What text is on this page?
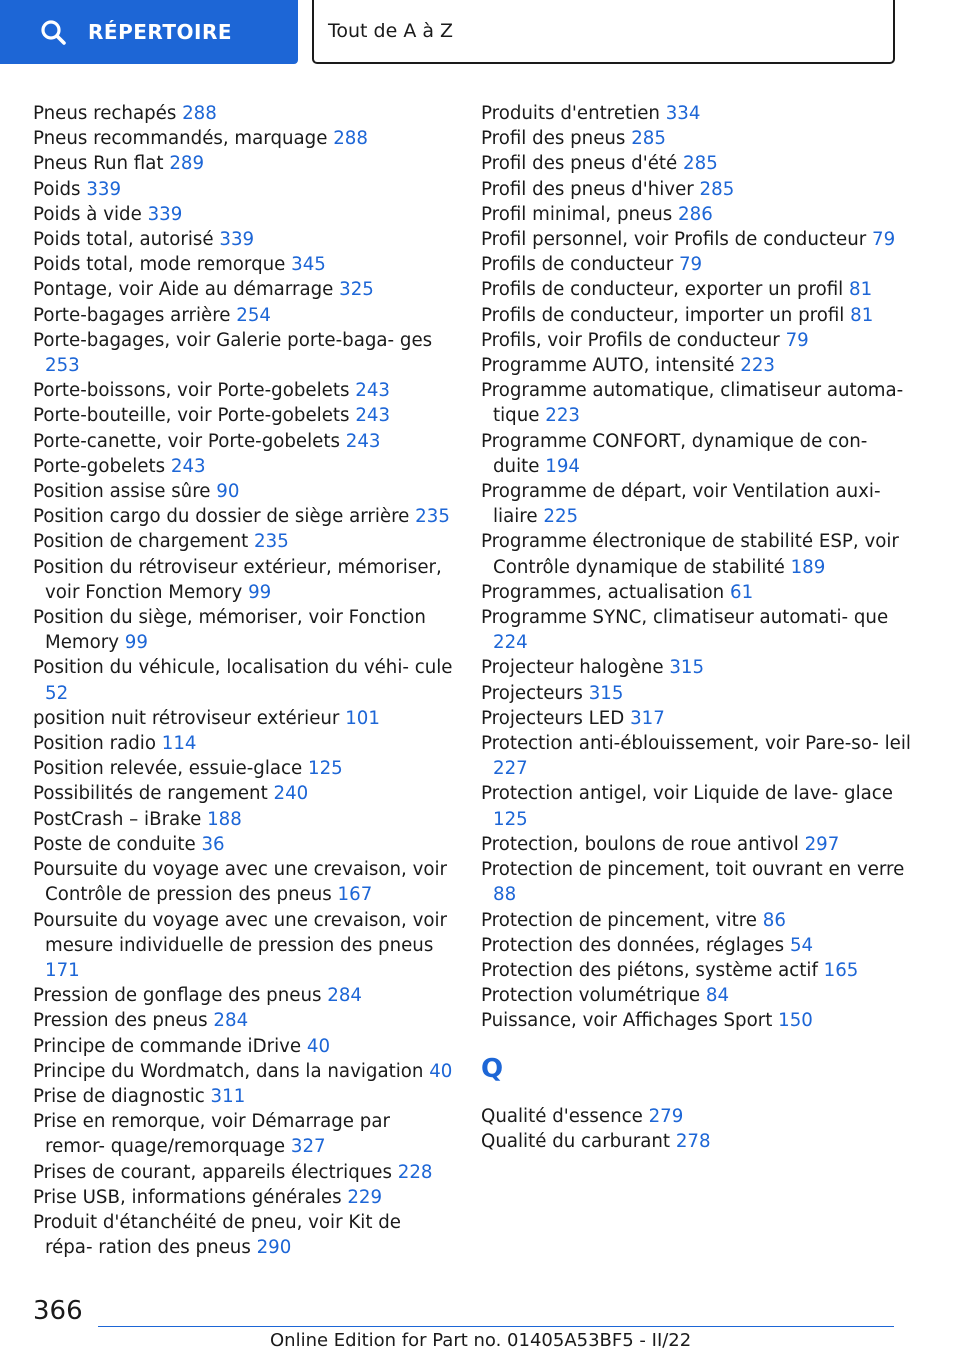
RÉPERTOIRE	Tout de A à Z
Pneus rechapés 288
Pneus recommandés, marquage 288
Pneus Run flat 289
Poids 339
Poids à vide 339
Poids total, autorisé 339
Poids total, mode remorque 345
Pontage, voir Aide au démarrage 325
Porte-bagages arrière 254
Porte-bagages, voir Galerie porte-baga- ges 253
Porte-boissons, voir Porte-gobelets 243
Porte-bouteille, voir Porte-gobelets 243
Porte-canette, voir Porte-gobelets 243
Porte-gobelets 243
Position assise sûre 90
Position cargo du dossier de siège arrière 235
Position de chargement 235
Position du rétroviseur extérieur, mémoriser, voir Fonction Memory 99
Position du siège, mémoriser, voir Fonction Memory 99
Position du véhicule, localisation du véhi- cule 52
position nuit rétroviseur extérieur 101
Position radio 114
Position relevée, essuie-glace 125
Possibilités de rangement 240
PostCrash – iBrake 188
Poste de conduite 36
Poursuite du voyage avec une crevaison, voir Contrôle de pression des pneus 167
Poursuite du voyage avec une crevaison, voir mesure individuelle de pression des pneus 171
Pression de gonflage des pneus 284
Pression des pneus 284
Principe de commande iDrive 40
Principe du Wordmatch, dans la navigation 40
Prise de diagnostic 311
Prise en remorque, voir Démarrage par remor- quage/remorquage 327
Prises de courant, appareils électriques 228
Prise USB, informations générales 229
Produit d'étanchéité de pneu, voir Kit de répa- ration des pneus 290
Produits d'entretien 334
Profil des pneus 285
Profil des pneus d'été 285
Profil des pneus d'hiver 285
Profil minimal, pneus 286
Profil personnel, voir Profils de conducteur 79
Profils de conducteur 79
Profils de conducteur, exporter un profil 81
Profils de conducteur, importer un profil 81
Profils, voir Profils de conducteur 79
Programme AUTO, intensité 223
Programme automatique, climatiseur automa- tique 223
Programme CONFORT, dynamique de con- duite 194
Programme de départ, voir Ventilation auxi- liaire 225
Programme électronique de stabilité ESP, voir Contrôle dynamique de stabilité 189
Programmes, actualisation 61
Programme SYNC, climatiseur automati- que 224
Projecteur halogène 315
Projecteurs 315
Projecteurs LED 317
Protection anti-éblouissement, voir Pare-so- leil 227
Protection antigel, voir Liquide de lave- glace 125
Protection, boulons de roue antivol 297
Protection de pincement, toit ouvrant en verre 88
Protection de pincement, vitre 86
Protection des données, réglages 54
Protection des piétons, système actif 165
Protection volumétrique 84
Puissance, voir Affichages Sport 150
Q
Qualité d'essence 279
Qualité du carburant 278
366
Online Edition for Part no. 01405A53BF5 - II/22
